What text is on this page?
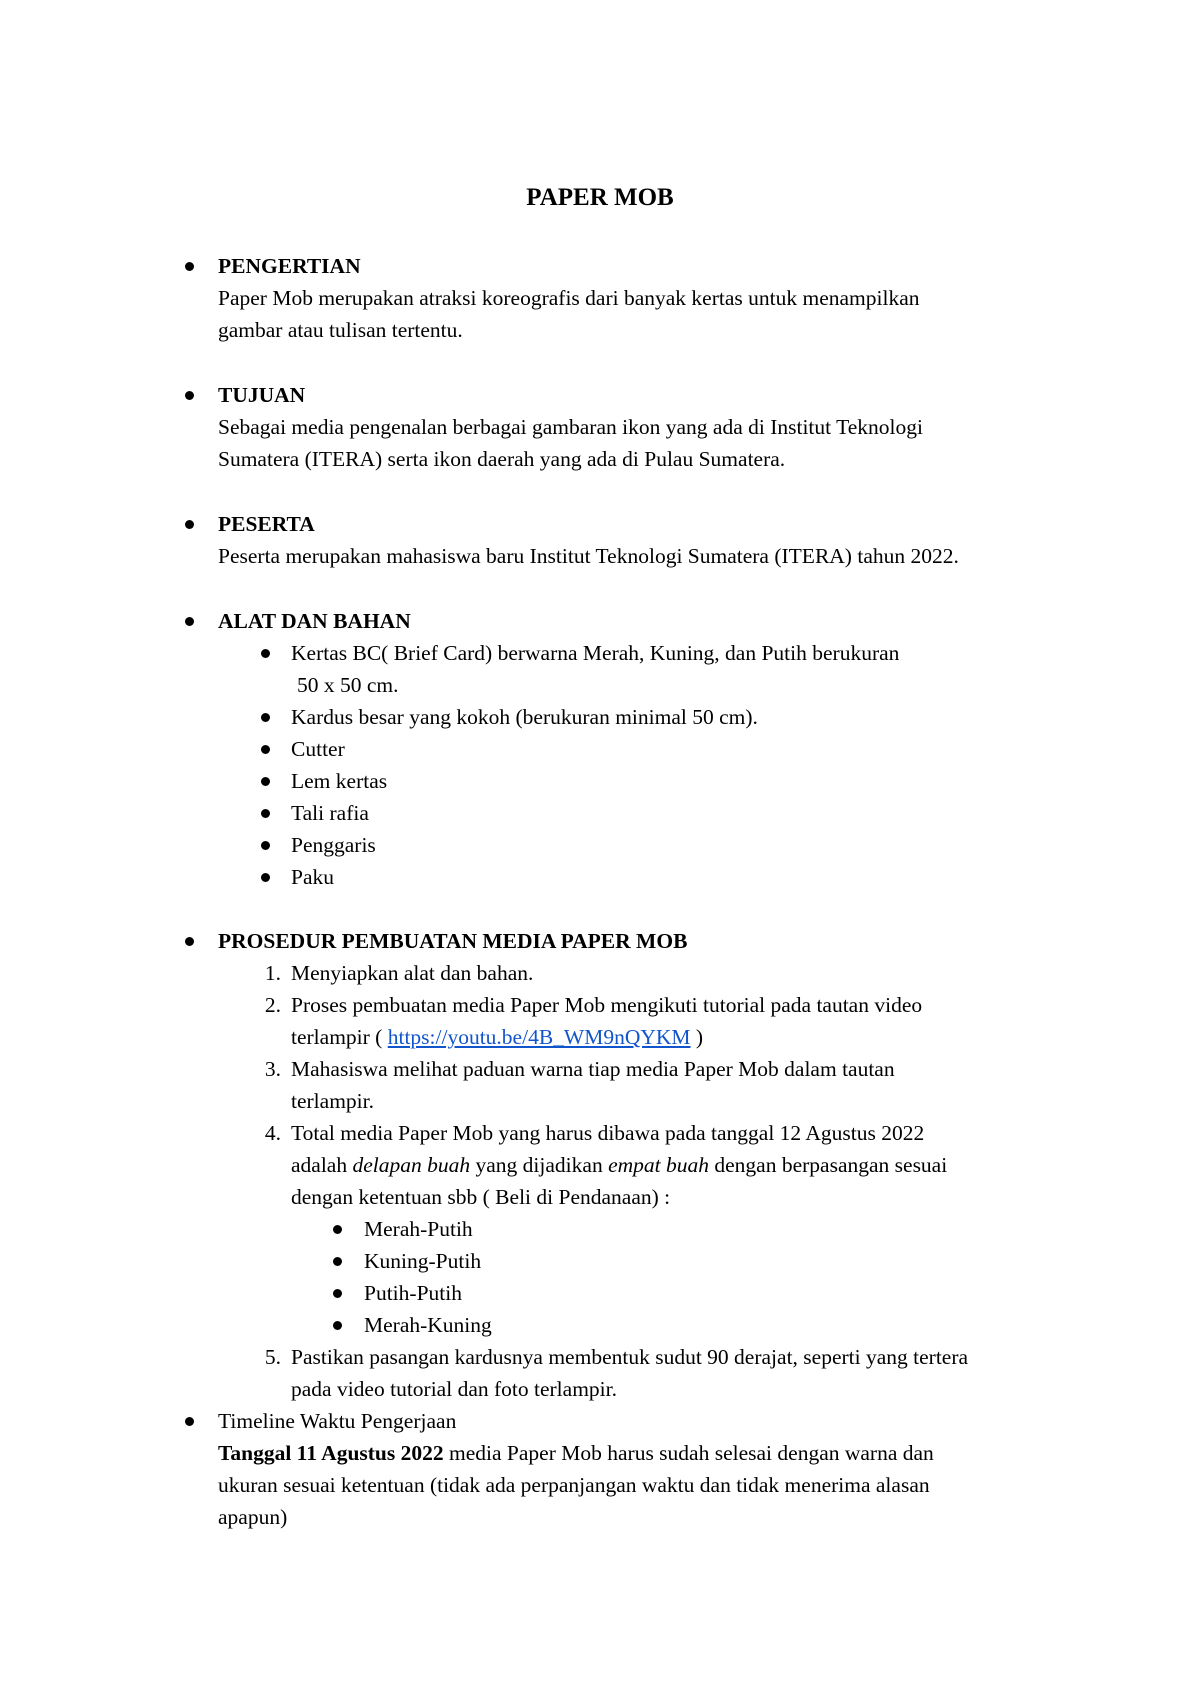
PAPER MOB
PENGERTIAN
Paper Mob merupakan atraksi koreografis dari banyak kertas untuk menampilkan
gambar atau tulisan tertentu.
TUJUAN
Sebagai media pengenalan berbagai gambaran ikon yang ada di Institut Teknologi
Sumatera (ITERA) serta ikon daerah yang ada di Pulau Sumatera.
PESERTA
Peserta merupakan mahasiswa baru Institut Teknologi Sumatera (ITERA) tahun 2022.
ALAT DAN BAHAN
Kertas BC( Brief Card) berwarna Merah, Kuning, dan Putih berukuran
50 x 50 cm.
Kardus besar yang kokoh (berukuran minimal 50 cm).
Cutter
Lem kertas
Tali rafia
Penggaris
Paku
PROSEDUR PEMBUATAN MEDIA PAPER MOB
1. Menyiapkan alat dan bahan.
2. Proses pembuatan media Paper Mob mengikuti tutorial pada tautan video
terlampir ( https://youtu.be/4B_WM9nQYKM )
3. Mahasiswa melihat paduan warna tiap media Paper Mob dalam tautan
terlampir.
4. Total media Paper Mob yang harus dibawa pada tanggal 12 Agustus 2022
adalah delapan buah yang dijadikan empat buah dengan berpasangan sesuai
dengan ketentuan sbb ( Beli di Pendanaan) :
Merah-Putih
Kuning-Putih
Putih-Putih
Merah-Kuning
5. Pastikan pasangan kardusnya membentuk sudut 90 derajat, seperti yang tertera
pada video tutorial dan foto terlampir.
Timeline Waktu Pengerjaan
Tanggal 11 Agustus 2022 media Paper Mob harus sudah selesai dengan warna dan
ukuran sesuai ketentuan (tidak ada perpanjangan waktu dan tidak menerima alasan
apapun)
